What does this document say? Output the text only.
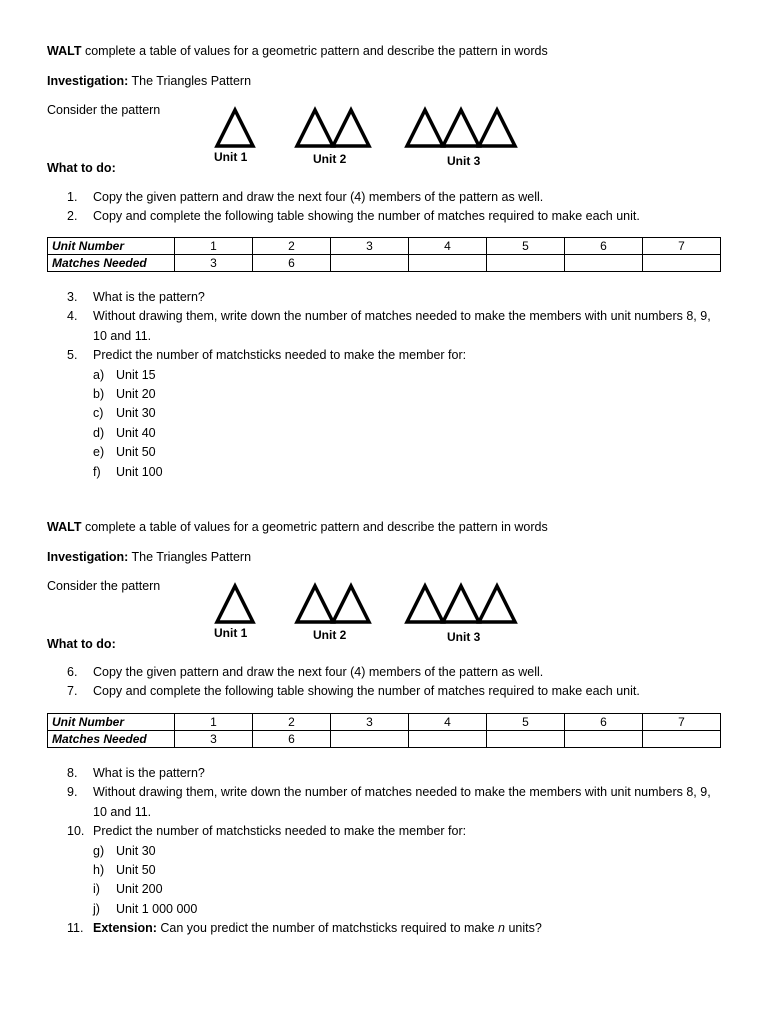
WALT complete a table of values for a geometric pattern and describe the pattern in words
Investigation: The Triangles Pattern
Consider the pattern
Unit 1	Unit 2	Unit 3
What to do:
1.	Copy the given pattern and draw the next four (4) members of the pattern as well.
2.	Copy and complete the following table showing the number of matches required to make each unit.
Unit Number	1	2	3	4	5	6	7
Matches Needed	3	6					
3.	What is the pattern?
4.	Without drawing them, write down the number of matches needed to make the members with unit numbers 8, 9, 10 and 11.
5.	Predict the number of matchsticks needed to make the member for:
a) Unit 15
b) Unit 20
c) Unit 30
d) Unit 40
e) Unit 50
f) Unit 100
WALT complete a table of values for a geometric pattern and describe the pattern in words
Investigation: The Triangles Pattern
Consider the pattern
Unit 1	Unit 2	Unit 3
What to do:
6.	Copy the given pattern and draw the next four (4) members of the pattern as well.
7.	Copy and complete the following table showing the number of matches required to make each unit.
Unit Number	1	2	3	4	5	6	7
Matches Needed	3	6					
8.	What is the pattern?
9.	Without drawing them, write down the number of matches needed to make the members with unit numbers 8, 9, 10 and 11.
10. Predict the number of matchsticks needed to make the member for:
g) Unit 30
h) Unit 50
i) Unit 200
j) Unit 1 000 000
11. Extension: Can you predict the number of matchsticks required to make n units?
